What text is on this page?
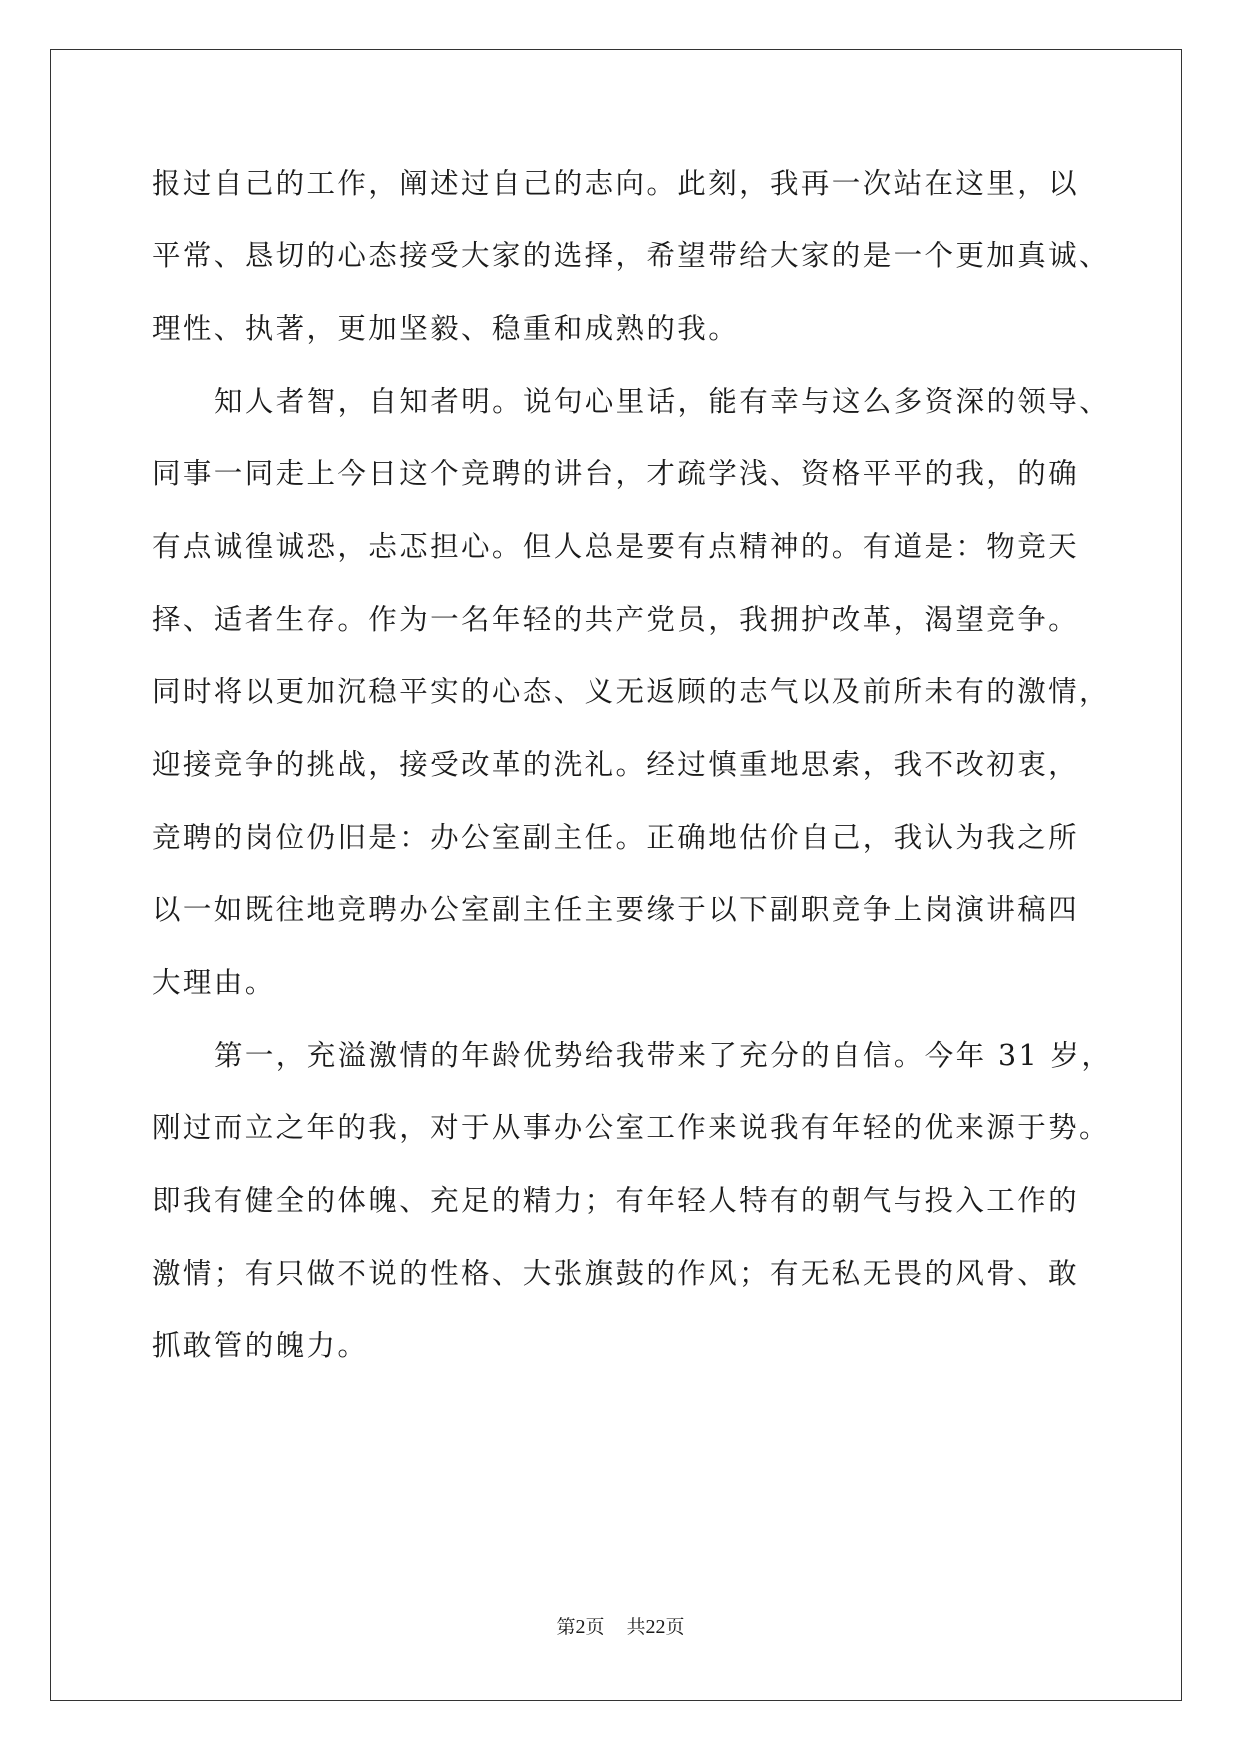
报过自己的工作，阐述过自己的志向。此刻，我再一次站在这里，以
平常、恳切的心态接受大家的选择，希望带给大家的是一个更加真诚、
理性、执著，更加坚毅、稳重和成熟的我。
知人者智，自知者明。说句心里话，能有幸与这么多资深的领导、
同事一同走上今日这个竞聘的讲台，才疏学浅、资格平平的我，的确
有点诚徨诚恐，忐忑担心。但人总是要有点精神的。有道是：物竞天
择、适者生存。作为一名年轻的共产党员，我拥护改革，渴望竞争。
同时将以更加沉稳平实的心态、义无返顾的志气以及前所未有的激情，
迎接竞争的挑战，接受改革的洗礼。经过慎重地思索，我不改初衷，
竞聘的岗位仍旧是：办公室副主任。正确地估价自己，我认为我之所
以一如既往地竞聘办公室副主任主要缘于以下副职竞争上岗演讲稿四
大理由。
第一，充溢激情的年龄优势给我带来了充分的自信。今年 31 岁，
刚过而立之年的我，对于从事办公室工作来说我有年轻的优来源于势。
即我有健全的体魄、充足的精力；有年轻人特有的朝气与投入工作的
激情；有只做不说的性格、大张旗鼓的作风；有无私无畏的风骨、敢
抓敢管的魄力。
第2页 共22页
